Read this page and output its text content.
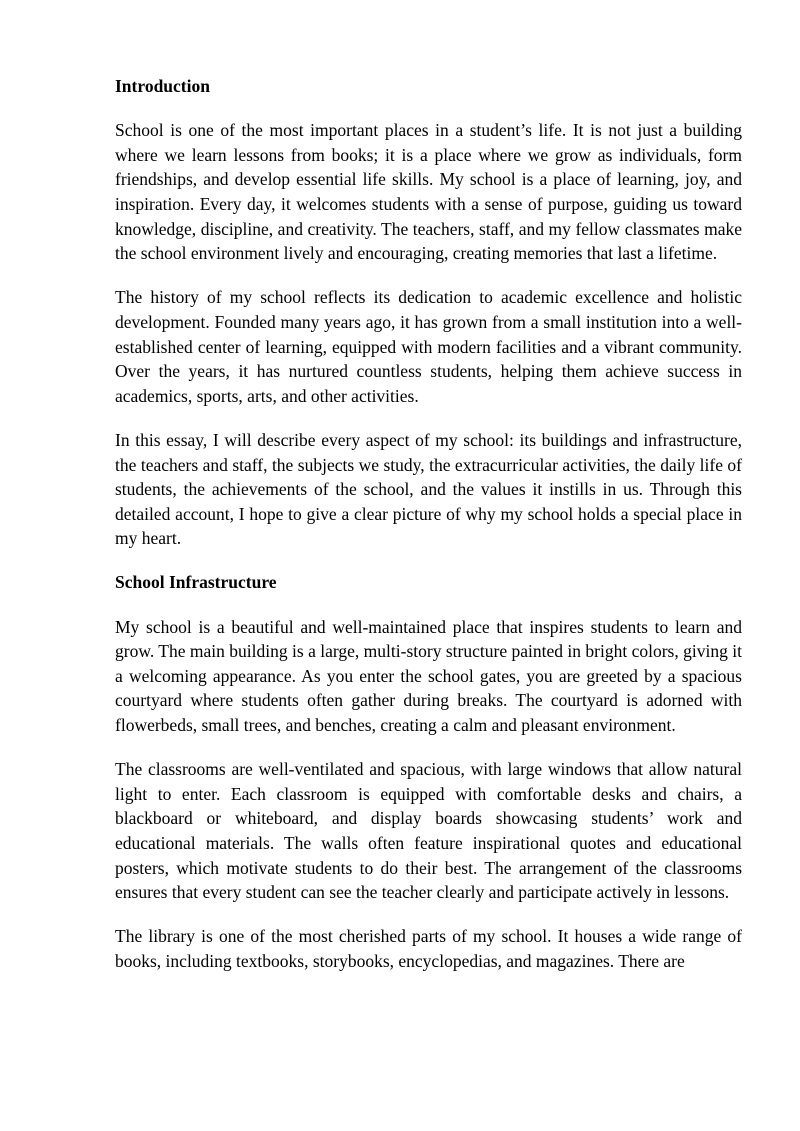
Introduction

School is one of the most important places in a student’s life. It is not just a building where we learn lessons from books; it is a place where we grow as individuals, form friendships, and develop essential life skills. My school is a place of learning, joy, and inspiration. Every day, it welcomes students with a sense of purpose, guiding us toward knowledge, discipline, and creativity. The teachers, staff, and my fellow classmates make the school environment lively and encouraging, creating memories that last a lifetime.

The history of my school reflects its dedication to academic excellence and holistic development. Founded many years ago, it has grown from a small institution into a well-established center of learning, equipped with modern facilities and a vibrant community. Over the years, it has nurtured countless students, helping them achieve success in academics, sports, arts, and other activities.

In this essay, I will describe every aspect of my school: its buildings and infrastructure, the teachers and staff, the subjects we study, the extracurricular activities, the daily life of students, the achievements of the school, and the values it instills in us. Through this detailed account, I hope to give a clear picture of why my school holds a special place in my heart.

School Infrastructure

My school is a beautiful and well-maintained place that inspires students to learn and grow. The main building is a large, multi-story structure painted in bright colors, giving it a welcoming appearance. As you enter the school gates, you are greeted by a spacious courtyard where students often gather during breaks. The courtyard is adorned with flowerbeds, small trees, and benches, creating a calm and pleasant environment.

The classrooms are well-ventilated and spacious, with large windows that allow natural light to enter. Each classroom is equipped with comfortable desks and chairs, a blackboard or whiteboard, and display boards showcasing students’ work and educational materials. The walls often feature inspirational quotes and educational posters, which motivate students to do their best. The arrangement of the classrooms ensures that every student can see the teacher clearly and participate actively in lessons.

The library is one of the most cherished parts of my school. It houses a wide range of books, including textbooks, storybooks, encyclopedias, and magazines. There are
